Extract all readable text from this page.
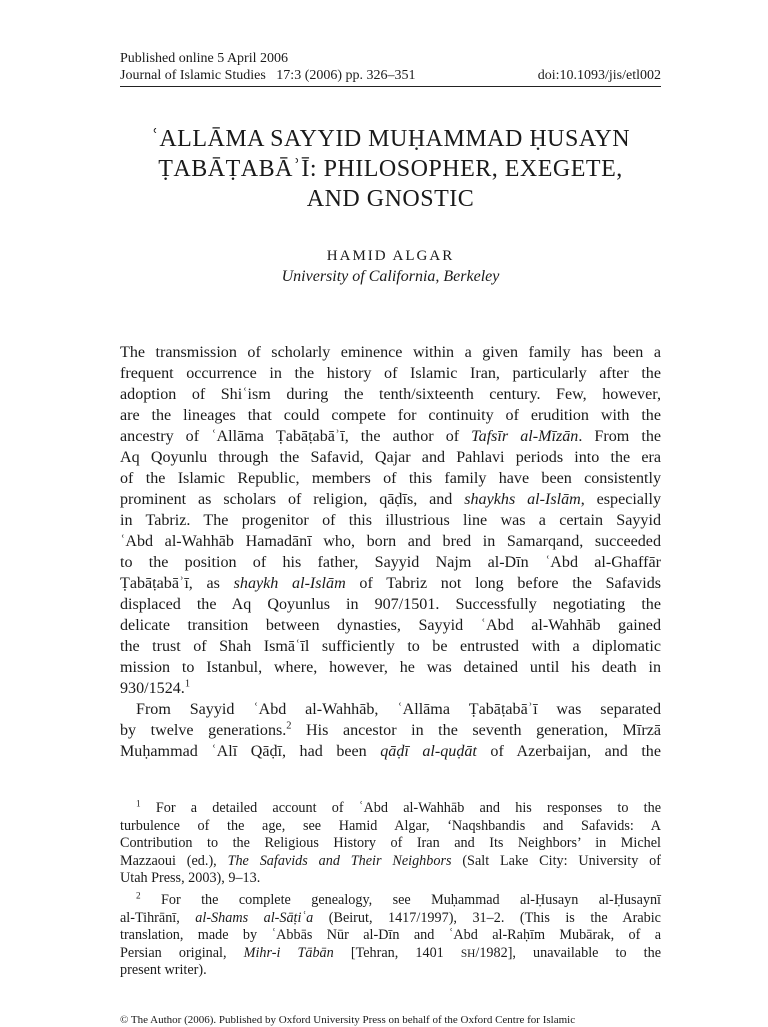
Published online 5 April 2006
Journal of Islamic Studies   17:3 (2006) pp. 326–351	doi:10.1093/jis/etl002
ʿALLĀMA SAYYID MUḤAMMAD ḤUSAYN
ṬABĀṬABĀʾĪ: PHILOSOPHER, EXEGETE,
AND GNOSTIC
HAMID ALGAR
University of California, Berkeley
The transmission of scholarly eminence within a given family has been a
frequent occurrence in the history of Islamic Iran, particularly after the
adoption of Shiʿism during the tenth/sixteenth century. Few, however,
are the lineages that could compete for continuity of erudition with the
ancestry of ʿAllāma Ṭabāṭabāʾī, the author of Tafsīr al-Mīzān. From the
Aq Qoyunlu through the Safavid, Qajar and Pahlavi periods into the era
of the Islamic Republic, members of this family have been consistently
prominent as scholars of religion, qāḍīs, and shaykhs al-Islām, especially
in Tabriz. The progenitor of this illustrious line was a certain Sayyid
ʿAbd al-Wahhāb Hamadānī who, born and bred in Samarqand, succeeded
to the position of his father, Sayyid Najm al-Dīn ʿAbd al-Ghaffār
Ṭabāṭabāʾī, as shaykh al-Islām of Tabriz not long before the Safavids
displaced the Aq Qoyunlus in 907/1501. Successfully negotiating the
delicate transition between dynasties, Sayyid ʿAbd al-Wahhāb gained
the trust of Shah Ismāʿīl sufficiently to be entrusted with a diplomatic
mission to Istanbul, where, however, he was detained until his death in
930/1524.$^1$
From Sayyid ʿAbd al-Wahhāb, ʿAllāma Ṭabāṭabāʾī was separated
by twelve generations.$^2$ His ancestor in the seventh generation, Mīrzā
Muḥammad ʿAlī Qāḍī, had been qāḍī al-quḍāt of Azerbaijan, and the
$^1$ For a detailed account of ʿAbd al-Wahhāb and his responses to the
turbulence of the age, see Hamid Algar, ‘Naqshbandis and Safavids: A
Contribution to the Religious History of Iran and Its Neighbors’ in Michel
Mazzaoui (ed.), The Safavids and Their Neighbors (Salt Lake City: University of
Utah Press, 2003), 9–13.
$^2$ For the complete genealogy, see Muḥammad al-Ḥusayn al-Ḥusaynī
al-Tihrānī, al-Shams al-Sāṭiʿa (Beirut, 1417/1997), 31–2. (This is the Arabic
translation, made by ʿAbbās Nūr al-Dīn and ʿAbd al-Raḥīm Mubārak, of a
Persian original, Mihr-i Tābān [Tehran, 1401 SH/1982], unavailable to the
present writer).
© The Author (2006). Published by Oxford University Press on behalf of the Oxford Centre for Islamic
